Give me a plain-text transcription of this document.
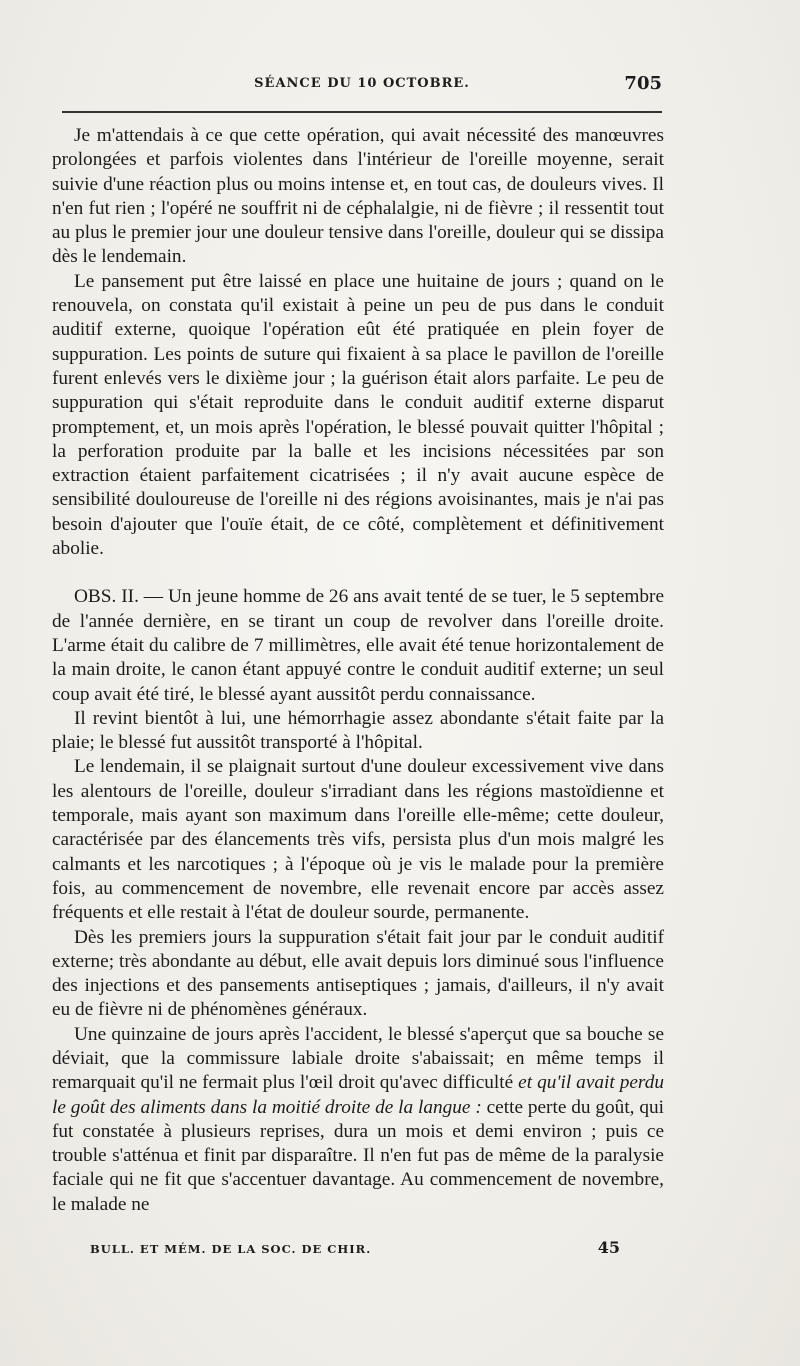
SÉANCE DU 10 OCTOBRE.	705

Je m'attendais à ce que cette opération, qui avait nécessité des manœuvres prolongées et parfois violentes dans l'intérieur de l'oreille moyenne, serait suivie d'une réaction plus ou moins intense et, en tout cas, de douleurs vives. Il n'en fut rien ; l'opéré ne souffrit ni de céphalalgie, ni de fièvre ; il ressentit tout au plus le premier jour une douleur tensive dans l'oreille, douleur qui se dissipa dès le lendemain.

Le pansement put être laissé en place une huitaine de jours ; quand on le renouvela, on constata qu'il existait à peine un peu de pus dans le conduit auditif externe, quoique l'opération eût été pratiquée en plein foyer de suppuration. Les points de suture qui fixaient à sa place le pavillon de l'oreille furent enlevés vers le dixième jour ; la guérison était alors parfaite. Le peu de suppuration qui s'était reproduite dans le conduit auditif externe disparut promptement, et, un mois après l'opération, le blessé pouvait quitter l'hôpital ; la perforation produite par la balle et les incisions nécessitées par son extraction étaient parfaitement cicatrisées ; il n'y avait aucune espèce de sensibilité douloureuse de l'oreille ni des régions avoisinantes, mais je n'ai pas besoin d'ajouter que l'ouïe était, de ce côté, complètement et définitivement abolie.

OBS. II. — Un jeune homme de 26 ans avait tenté de se tuer, le 5 septembre de l'année dernière, en se tirant un coup de revolver dans l'oreille droite. L'arme était du calibre de 7 millimètres, elle avait été tenue horizontalement de la main droite, le canon étant appuyé contre le conduit auditif externe; un seul coup avait été tiré, le blessé ayant aussitôt perdu connaissance.

Il revint bientôt à lui, une hémorrhagie assez abondante s'était faite par la plaie; le blessé fut aussitôt transporté à l'hôpital.

Le lendemain, il se plaignait surtout d'une douleur excessivement vive dans les alentours de l'oreille, douleur s'irradiant dans les régions mastoïdienne et temporale, mais ayant son maximum dans l'oreille elle-même; cette douleur, caractérisée par des élancements très vifs, persista plus d'un mois malgré les calmants et les narcotiques ; à l'époque où je vis le malade pour la première fois, au commencement de novembre, elle revenait encore par accès assez fréquents et elle restait à l'état de douleur sourde, permanente.

Dès les premiers jours la suppuration s'était fait jour par le conduit auditif externe; très abondante au début, elle avait depuis lors diminué sous l'influence des injections et des pansements antiseptiques ; jamais, d'ailleurs, il n'y avait eu de fièvre ni de phénomènes généraux.

Une quinzaine de jours après l'accident, le blessé s'aperçut que sa bouche se déviait, que la commissure labiale droite s'abaissait; en même temps il remarquait qu'il ne fermait plus l'œil droit qu'avec difficulté et qu'il avait perdu le goût des aliments dans la moitié droite de la langue : cette perte du goût, qui fut constatée à plusieurs reprises, dura un mois et demi environ ; puis ce trouble s'atténua et finit par disparaître. Il n'en fut pas de même de la paralysie faciale qui ne fit que s'accentuer davantage. Au commencement de novembre, le malade ne

BULL. ET MÉM. DE LA SOC. DE CHIR.	45
